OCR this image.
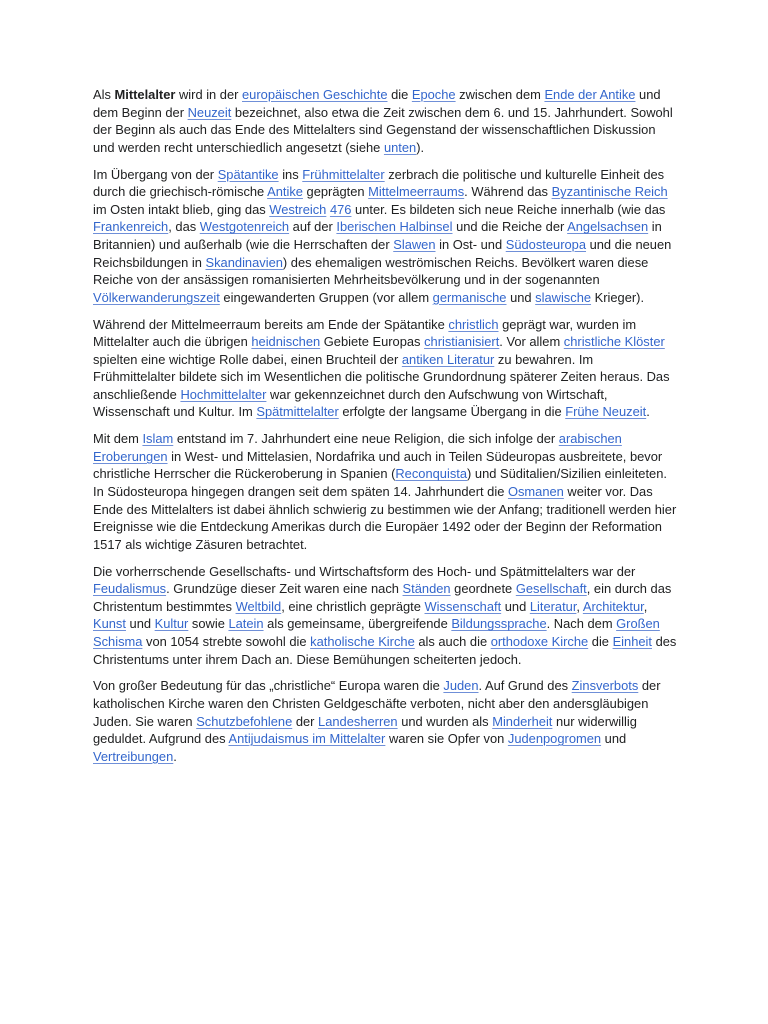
Als Mittelalter wird in der europäischen Geschichte die Epoche zwischen dem Ende der Antike und dem Beginn der Neuzeit bezeichnet, also etwa die Zeit zwischen dem 6. und 15. Jahrhundert. Sowohl der Beginn als auch das Ende des Mittelalters sind Gegenstand der wissenschaftlichen Diskussion und werden recht unterschiedlich angesetzt (siehe unten).

Im Übergang von der Spätantike ins Frühmittelalter zerbrach die politische und kulturelle Einheit des durch die griechisch-römische Antike geprägten Mittelmeerraums. Während das Byzantinische Reich im Osten intakt blieb, ging das Westreich 476 unter. Es bildeten sich neue Reiche innerhalb (wie das Frankenreich, das Westgotenreich auf der Iberischen Halbinsel und die Reiche der Angelsachsen in Britannien) und außerhalb (wie die Herrschaften der Slawen in Ost- und Südosteuropa und die neuen Reichsbildungen in Skandinavien) des ehemaligen weströmischen Reichs. Bevölkert waren diese Reiche von der ansässigen romanisierten Mehrheitsbevölkerung und in der sogenannten Völkerwanderungszeit eingewanderten Gruppen (vor allem germanische und slawische Krieger).

Während der Mittelmeerraum bereits am Ende der Spätantike christlich geprägt war, wurden im Mittelalter auch die übrigen heidnischen Gebiete Europas christianisiert. Vor allem christliche Klöster spielten eine wichtige Rolle dabei, einen Bruchteil der antiken Literatur zu bewahren. Im Frühmittelalter bildete sich im Wesentlichen die politische Grundordnung späterer Zeiten heraus. Das anschließende Hochmittelalter war gekennzeichnet durch den Aufschwung von Wirtschaft, Wissenschaft und Kultur. Im Spätmittelalter erfolgte der langsame Übergang in die Frühe Neuzeit.

Mit dem Islam entstand im 7. Jahrhundert eine neue Religion, die sich infolge der arabischen Eroberungen in West- und Mittelasien, Nordafrika und auch in Teilen Südeuropas ausbreitete, bevor christliche Herrscher die Rückeroberung in Spanien (Reconquista) und Süditalien/Sizilien einleiteten. In Südosteuropa hingegen drangen seit dem späten 14. Jahrhundert die Osmanen weiter vor. Das Ende des Mittelalters ist dabei ähnlich schwierig zu bestimmen wie der Anfang; traditionell werden hier Ereignisse wie die Entdeckung Amerikas durch die Europäer 1492 oder der Beginn der Reformation 1517 als wichtige Zäsuren betrachtet.

Die vorherrschende Gesellschafts- und Wirtschaftsform des Hoch- und Spätmittelalters war der Feudalismus. Grundzüge dieser Zeit waren eine nach Ständen geordnete Gesellschaft, ein durch das Christentum bestimmtes Weltbild, eine christlich geprägte Wissenschaft und Literatur, Architektur, Kunst und Kultur sowie Latein als gemeinsame, übergreifende Bildungssprache. Nach dem Großen Schisma von 1054 strebte sowohl die katholische Kirche als auch die orthodoxe Kirche die Einheit des Christentums unter ihrem Dach an. Diese Bemühungen scheiterten jedoch.

Von großer Bedeutung für das „christliche“ Europa waren die Juden. Auf Grund des Zinsverbots der katholischen Kirche waren den Christen Geldgeschäfte verboten, nicht aber den andersgläubigen Juden. Sie waren Schutzbefohlene der Landesherren und wurden als Minderheit nur widerwillig geduldet. Aufgrund des Antijudaismus im Mittelalter waren sie Opfer von Judenpogromen und Vertreibungen.
